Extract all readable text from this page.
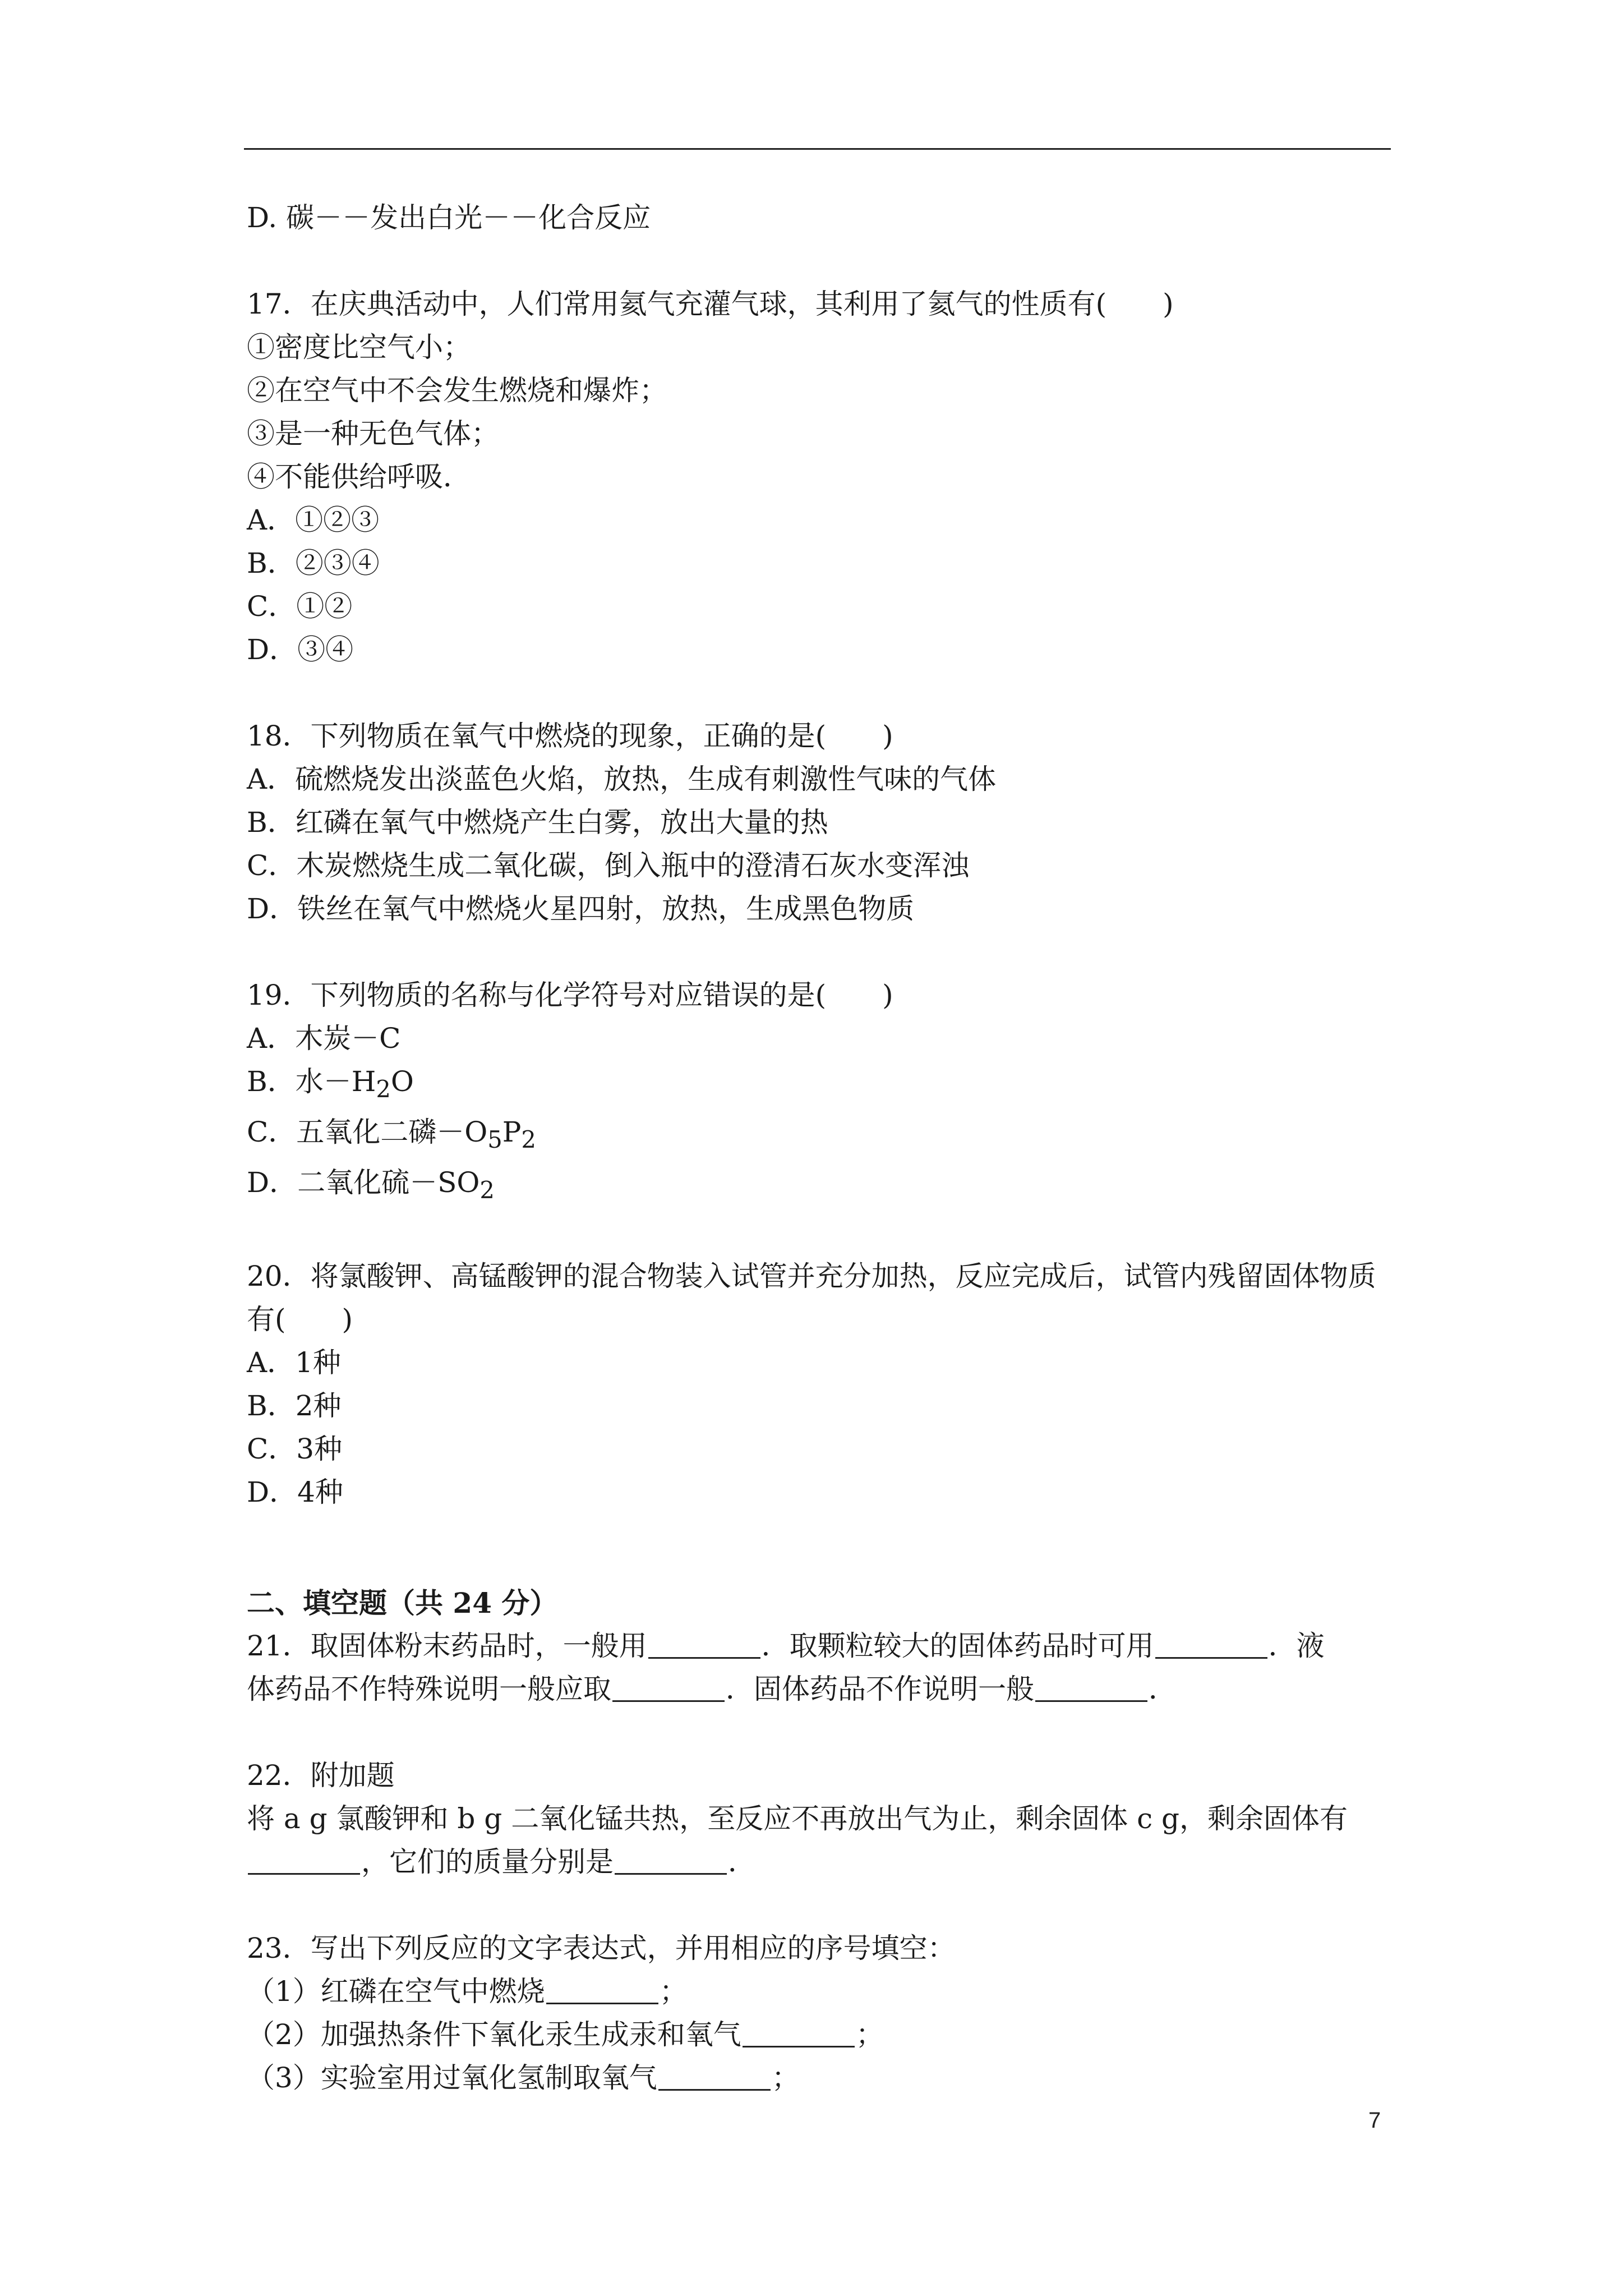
D. 碳－－发出白光－－化合反应
17．在庆典活动中，人们常用氦气充灌气球，其利用了氦气的性质有(　　)
①密度比空气小；
②在空气中不会发生燃烧和爆炸；
③是一种无色气体；
④不能供给呼吸．
A．①②③
B．②③④
C．①②
D．③④
18．下列物质在氧气中燃烧的现象，正确的是(　　)
A．硫燃烧发出淡蓝色火焰，放热，生成有刺激性气味的气体
B．红磷在氧气中燃烧产生白雾，放出大量的热
C．木炭燃烧生成二氧化碳，倒入瓶中的澄清石灰水变浑浊
D．铁丝在氧气中燃烧火星四射，放热，生成黑色物质
19．下列物质的名称与化学符号对应错误的是(　　)
A．木炭－C
B．水$-H_2O$
C．五氧化二磷$-O_5P_2$
D．二氧化硫$-SO_2$
20．将氯酸钾、高锰酸钾的混合物装入试管并充分加热，反应完成后，试管内残留固体物质
有(　　)
A．1种
B．2种
C．3种
D．4种
二、填空题（共 24 分）
21．取固体粉末药品时，一般用	．取颗粒较大的固体药品时可用	．液
体药品不作特殊说明一般应取	．固体药品不作说明一般	．
22．附加题
将 a g 氯酸钾和 b g 二氧化锰共热，至反应不再放出气为止，剩余固体 c g，剩余固体有
，它们的质量分别是	．
23．写出下列反应的文字表达式，并用相应的序号填空：
（1）红磷在空气中燃烧	；
（2）加强热条件下氧化汞生成汞和氧气	；
（3）实验室用过氧化氢制取氧气	；
7
